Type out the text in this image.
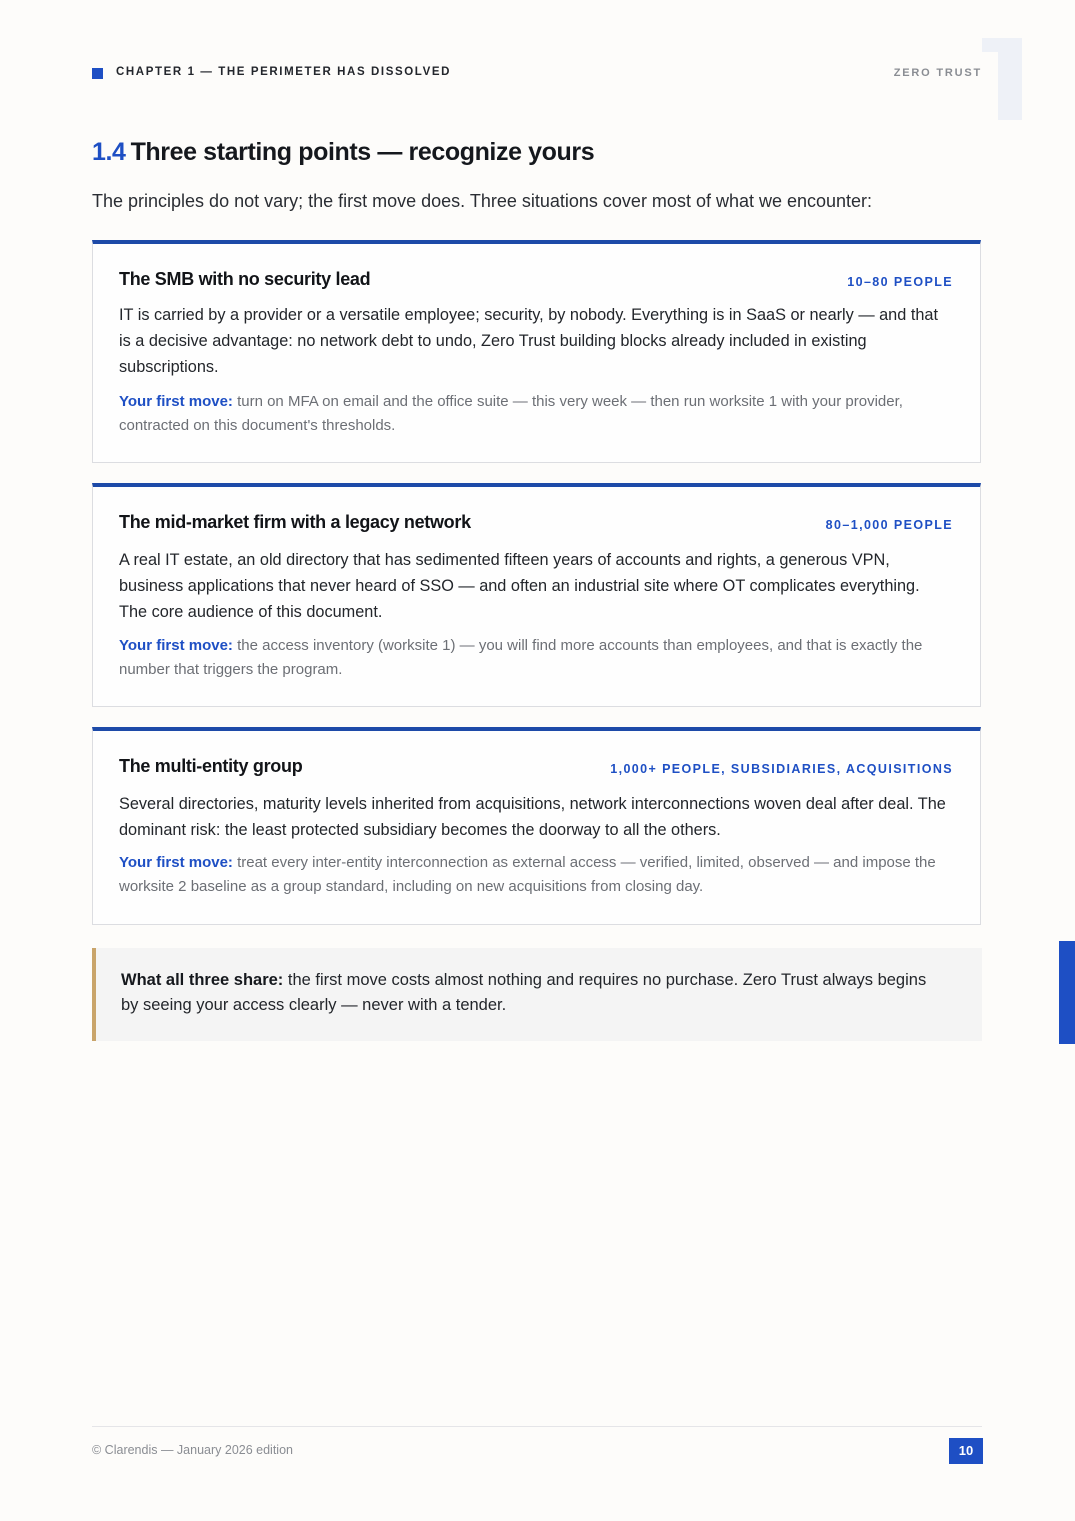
CHAPTER 1 — THE PERIMETER HAS DISSOLVED	ZERO TRUST
1.4 Three starting points — recognize yours

The principles do not vary; the first move does. Three situations cover most of what we encounter:

The SMB with no security lead	10–80 PEOPLE

IT is carried by a provider or a versatile employee; security, by nobody. Everything is in SaaS or nearly — and that is a decisive advantage: no network debt to undo, Zero Trust building blocks already included in existing subscriptions.

Your first move: turn on MFA on email and the office suite — this very week — then run worksite 1 with your provider, contracted on this document's thresholds.

The mid-market firm with a legacy network	80–1,000 PEOPLE

A real IT estate, an old directory that has sedimented fifteen years of accounts and rights, a generous VPN, business applications that never heard of SSO — and often an industrial site where OT complicates everything. The core audience of this document.

Your first move: the access inventory (worksite 1) — you will find more accounts than employees, and that is exactly the number that triggers the program.

The multi-entity group	1,000+ PEOPLE, SUBSIDIARIES, ACQUISITIONS

Several directories, maturity levels inherited from acquisitions, network interconnections woven deal after deal. The dominant risk: the least protected subsidiary becomes the doorway to all the others.

Your first move: treat every inter-entity interconnection as external access — verified, limited, observed — and impose the worksite 2 baseline as a group standard, including on new acquisitions from closing day.

What all three share: the first move costs almost nothing and requires no purchase. Zero Trust always begins by seeing your access clearly — never with a tender.

© Clarendis — January 2026 edition	10
